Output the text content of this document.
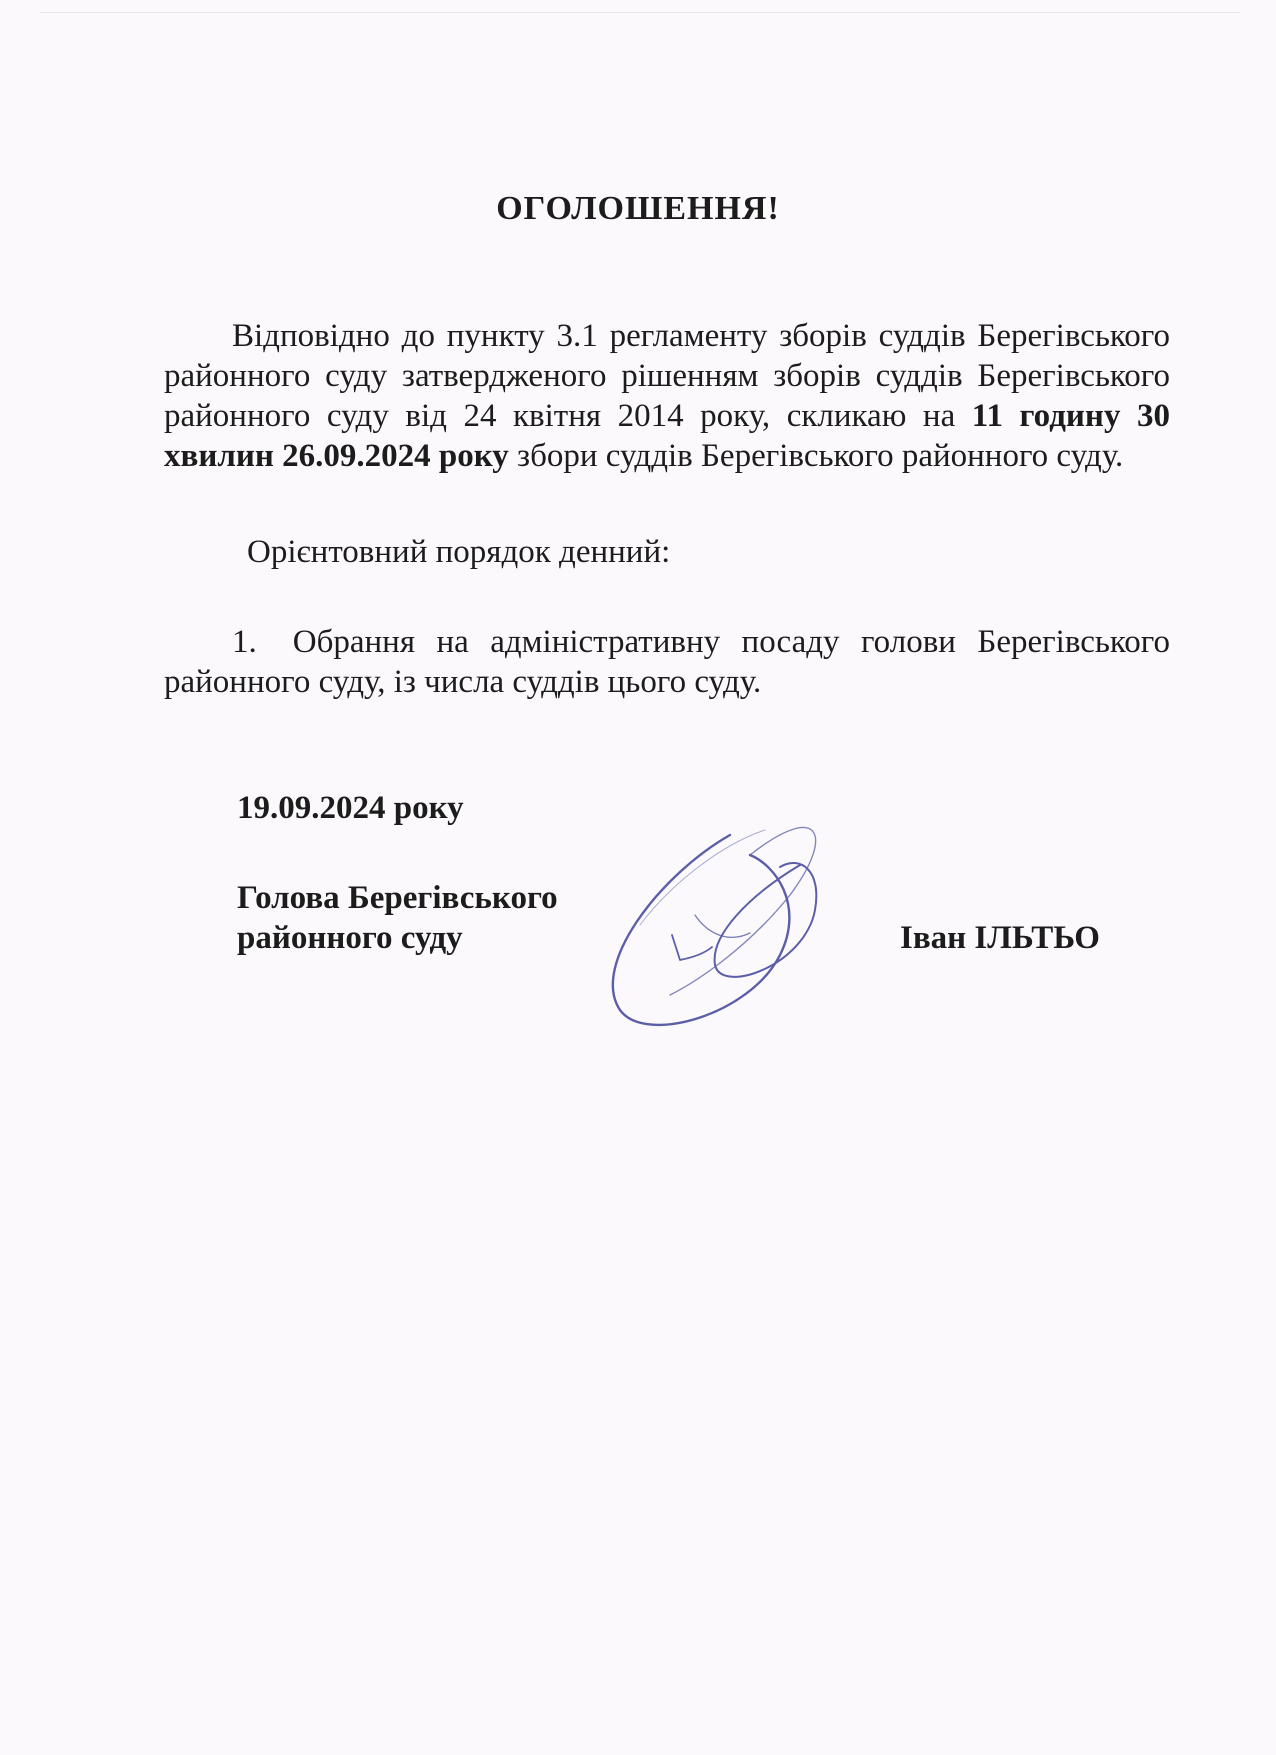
ОГОЛОШЕННЯ!
Відповідно до пункту 3.1 регламенту зборів суддів Берегівського районного суду затвердженого рішенням зборів суддів Берегівського районного суду від 24 квітня 2014 року, скликаю на 11 годину 30 хвилин 26.09.2024 року збори суддів Берегівського районного суду.
Орієнтовний порядок денний:
1. Обрання на адміністративну посаду голови Берегівського районного суду, із числа суддів цього суду.
19.09.2024 року
Голова Берегівського
районного суду	Іван ІЛЬТЬО
